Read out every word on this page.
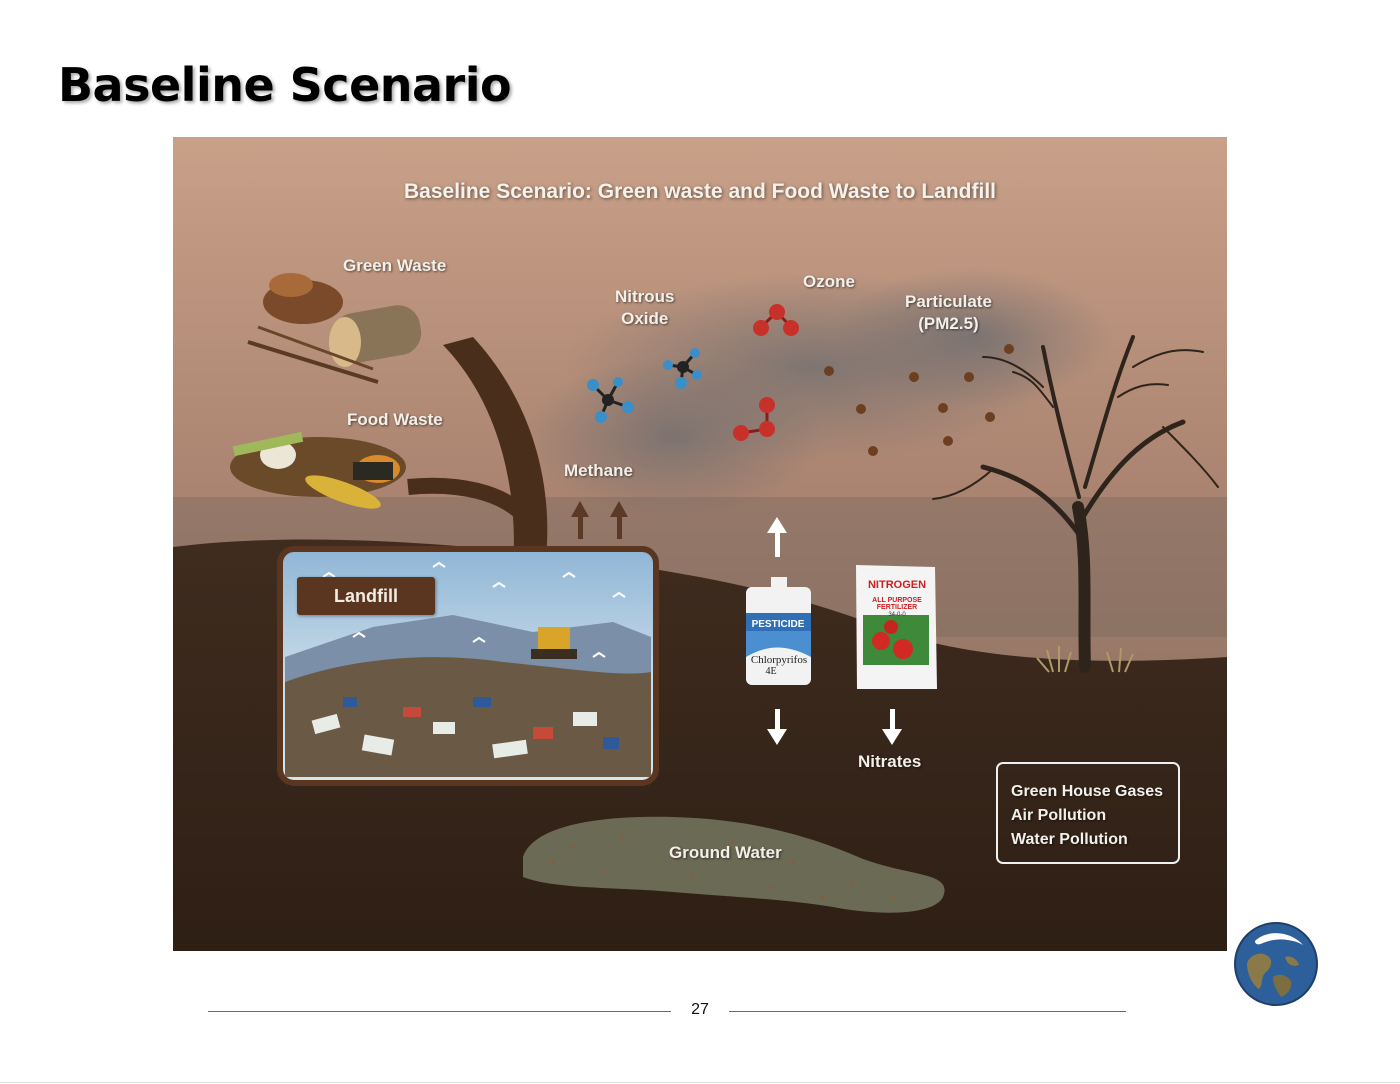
Baseline Scenario
PESTICIDE
Chlorpyrifos
4E
NITROGEN
ALL PURPOSE
FERTILIZER
34-0-0
Baseline Scenario: Green waste and Food Waste to Landfill
Green Waste
Food Waste
Nitrous
Oxide
Ozone
Particulate
(PM2.5)
Methane
Nitrates
Ground Water
Landfill
Green House Gases
Air Pollution
Water Pollution
27
